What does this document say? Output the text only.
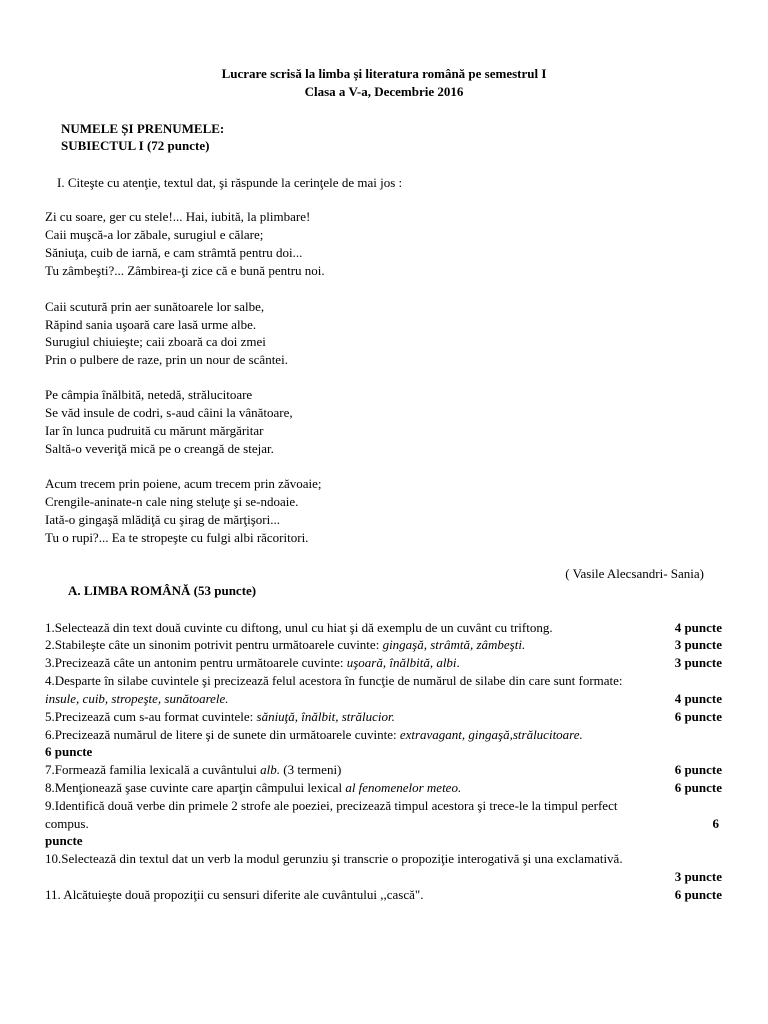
Lucrare scrisă la limba și literatura română pe semestrul I
Clasa a V-a, Decembrie 2016
NUMELE ȘI PRENUMELE:
SUBIECTUL I (72 puncte)
I. Citeşte cu atenţie, textul dat, şi răspunde la cerinţele de mai jos :
Zi cu soare, ger cu stele!... Hai, iubită, la plimbare!
Caii muşcă-a lor zăbale, surugiul e călare;
Săniuţa, cuib de iarnă, e cam strâmtă pentru doi...
Tu zâmbeşti?... Zâmbirea-ţi zice că e bună pentru noi.
Caii scutură prin aer sunătoarele lor salbe,
Răpind sania uşoară care lasă urme albe.
Surugiul chiuieşte; caii zboară ca doi zmei
Prin o pulbere de raze, prin un nour de scântei.
Pe câmpia înălbită, netedă, strălucitoare
Se văd insule de codri, s-aud câini la vânătoare,
Iar în lunca pudruită cu mărunt mărgăritar
Saltă-o veveriţă mică pe o creangă de stejar.
Acum trecem prin poiene, acum trecem prin zăvoaie;
Crengile-aninate-n cale ning steluţe şi se-ndoaie.
Iată-o gingaşă mlădiţă cu şirag de mărţişori...
Tu o rupi?... Ea te stropeşte cu fulgi albi răcoritori.
( Vasile Alecsandri- Sania)
A. LIMBA ROMÂNĂ (53 puncte)
1.Selectează din text două cuvinte cu diftong, unul cu hiat şi dă exemplu de un cuvânt cu triftong.	4 puncte
2.Stabileşte câte un sinonim potrivit pentru următoarele cuvinte: gingaşă, strâmtă, zâmbeşti.	3 puncte
3.Precizează câte un antonim pentru următoarele cuvinte: uşoară, înălbită, albi.	3 puncte
4.Desparte în silabe cuvintele şi precizează felul acestora în funcţie de numărul de silabe din care sunt formate:
insule, cuib, stropeşte, sunătoarele.	4 puncte
5.Precizează cum s-au format cuvintele: săniuţă, înălbit, strălucior.	6 puncte
6.Precizează numărul de litere şi de sunete din următoarele cuvinte: extravagant, gingaşă,strălucitoare.
6 puncte
7.Formează familia lexicală a cuvântului alb. (3 termeni)	6 puncte
8.Menţionează şase cuvinte care aparţin câmpului lexical al fenomenelor meteo.	6 puncte
9.Identifică două verbe din primele 2 strofe ale poeziei, precizează timpul acestora şi trece-le la timpul perfect
compus.	6
puncte
10.Selectează din textul dat un verb la modul gerunziu şi transcrie o propoziţie interogativă şi una exclamativă.
3 puncte
11. Alcătuieşte două propoziţii cu sensuri diferite ale cuvântului ,,cască".	6 puncte
